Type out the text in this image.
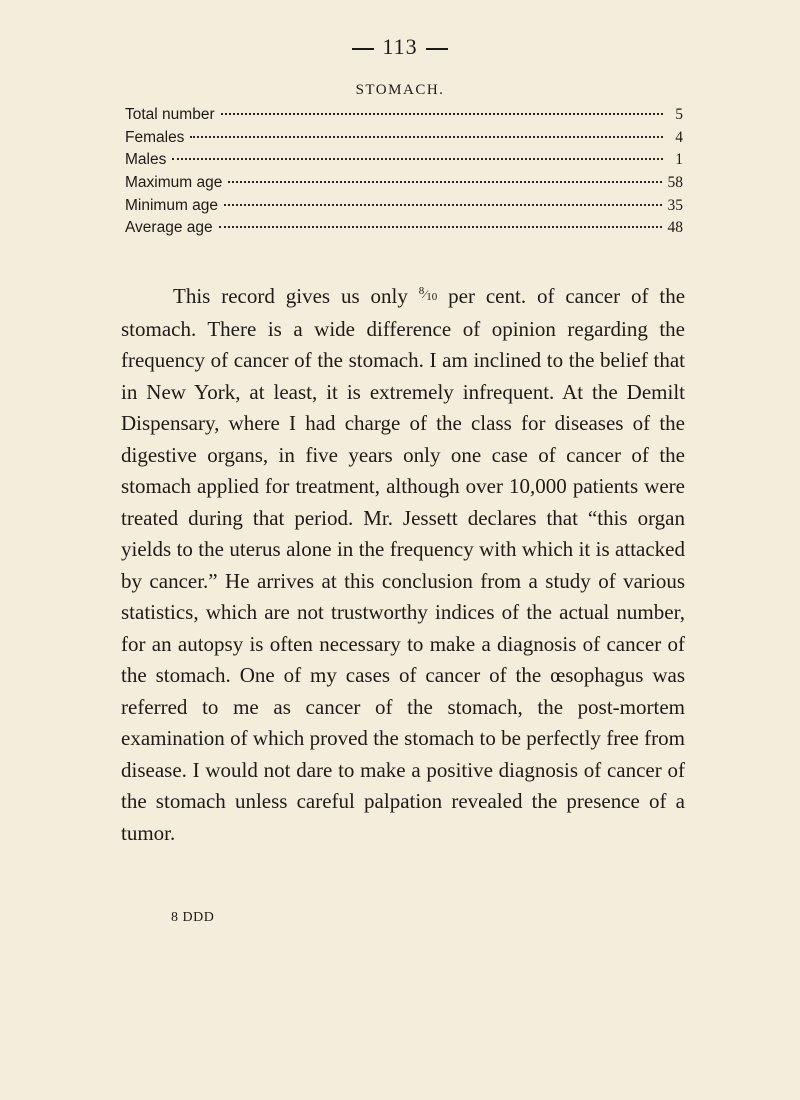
113
STOMACH.
Total number	5
Females	4
Males	1
Maximum age	58
Minimum age	35
Average age	48

This record gives us only $^8⁄_{10}$ per cent. of cancer of the stomach. There is a wide difference of opinion regarding the frequency of cancer of the stomach. I am inclined to the belief that in New York, at least, it is extremely infrequent. At the Demilt Dispensary, where I had charge of the class for diseases of the digestive organs, in five years only one case of cancer of the stomach applied for treatment, although over 10,000 patients were treated during that period. Mr. Jessett declares that “this organ yields to the uterus alone in the frequency with which it is attacked by cancer.” He arrives at this conclusion from a study of various statistics, which are not trustworthy indices of the actual number, for an autopsy is often necessary to make a diagnosis of cancer of the stomach. One of my cases of cancer of the œsophagus was referred to me as cancer of the stomach, the post-mortem examination of which proved the stomach to be perfectly free from disease. I would not dare to make a positive diagnosis of cancer of the stomach unless careful palpation revealed the presence of a tumor.

8 DDD
